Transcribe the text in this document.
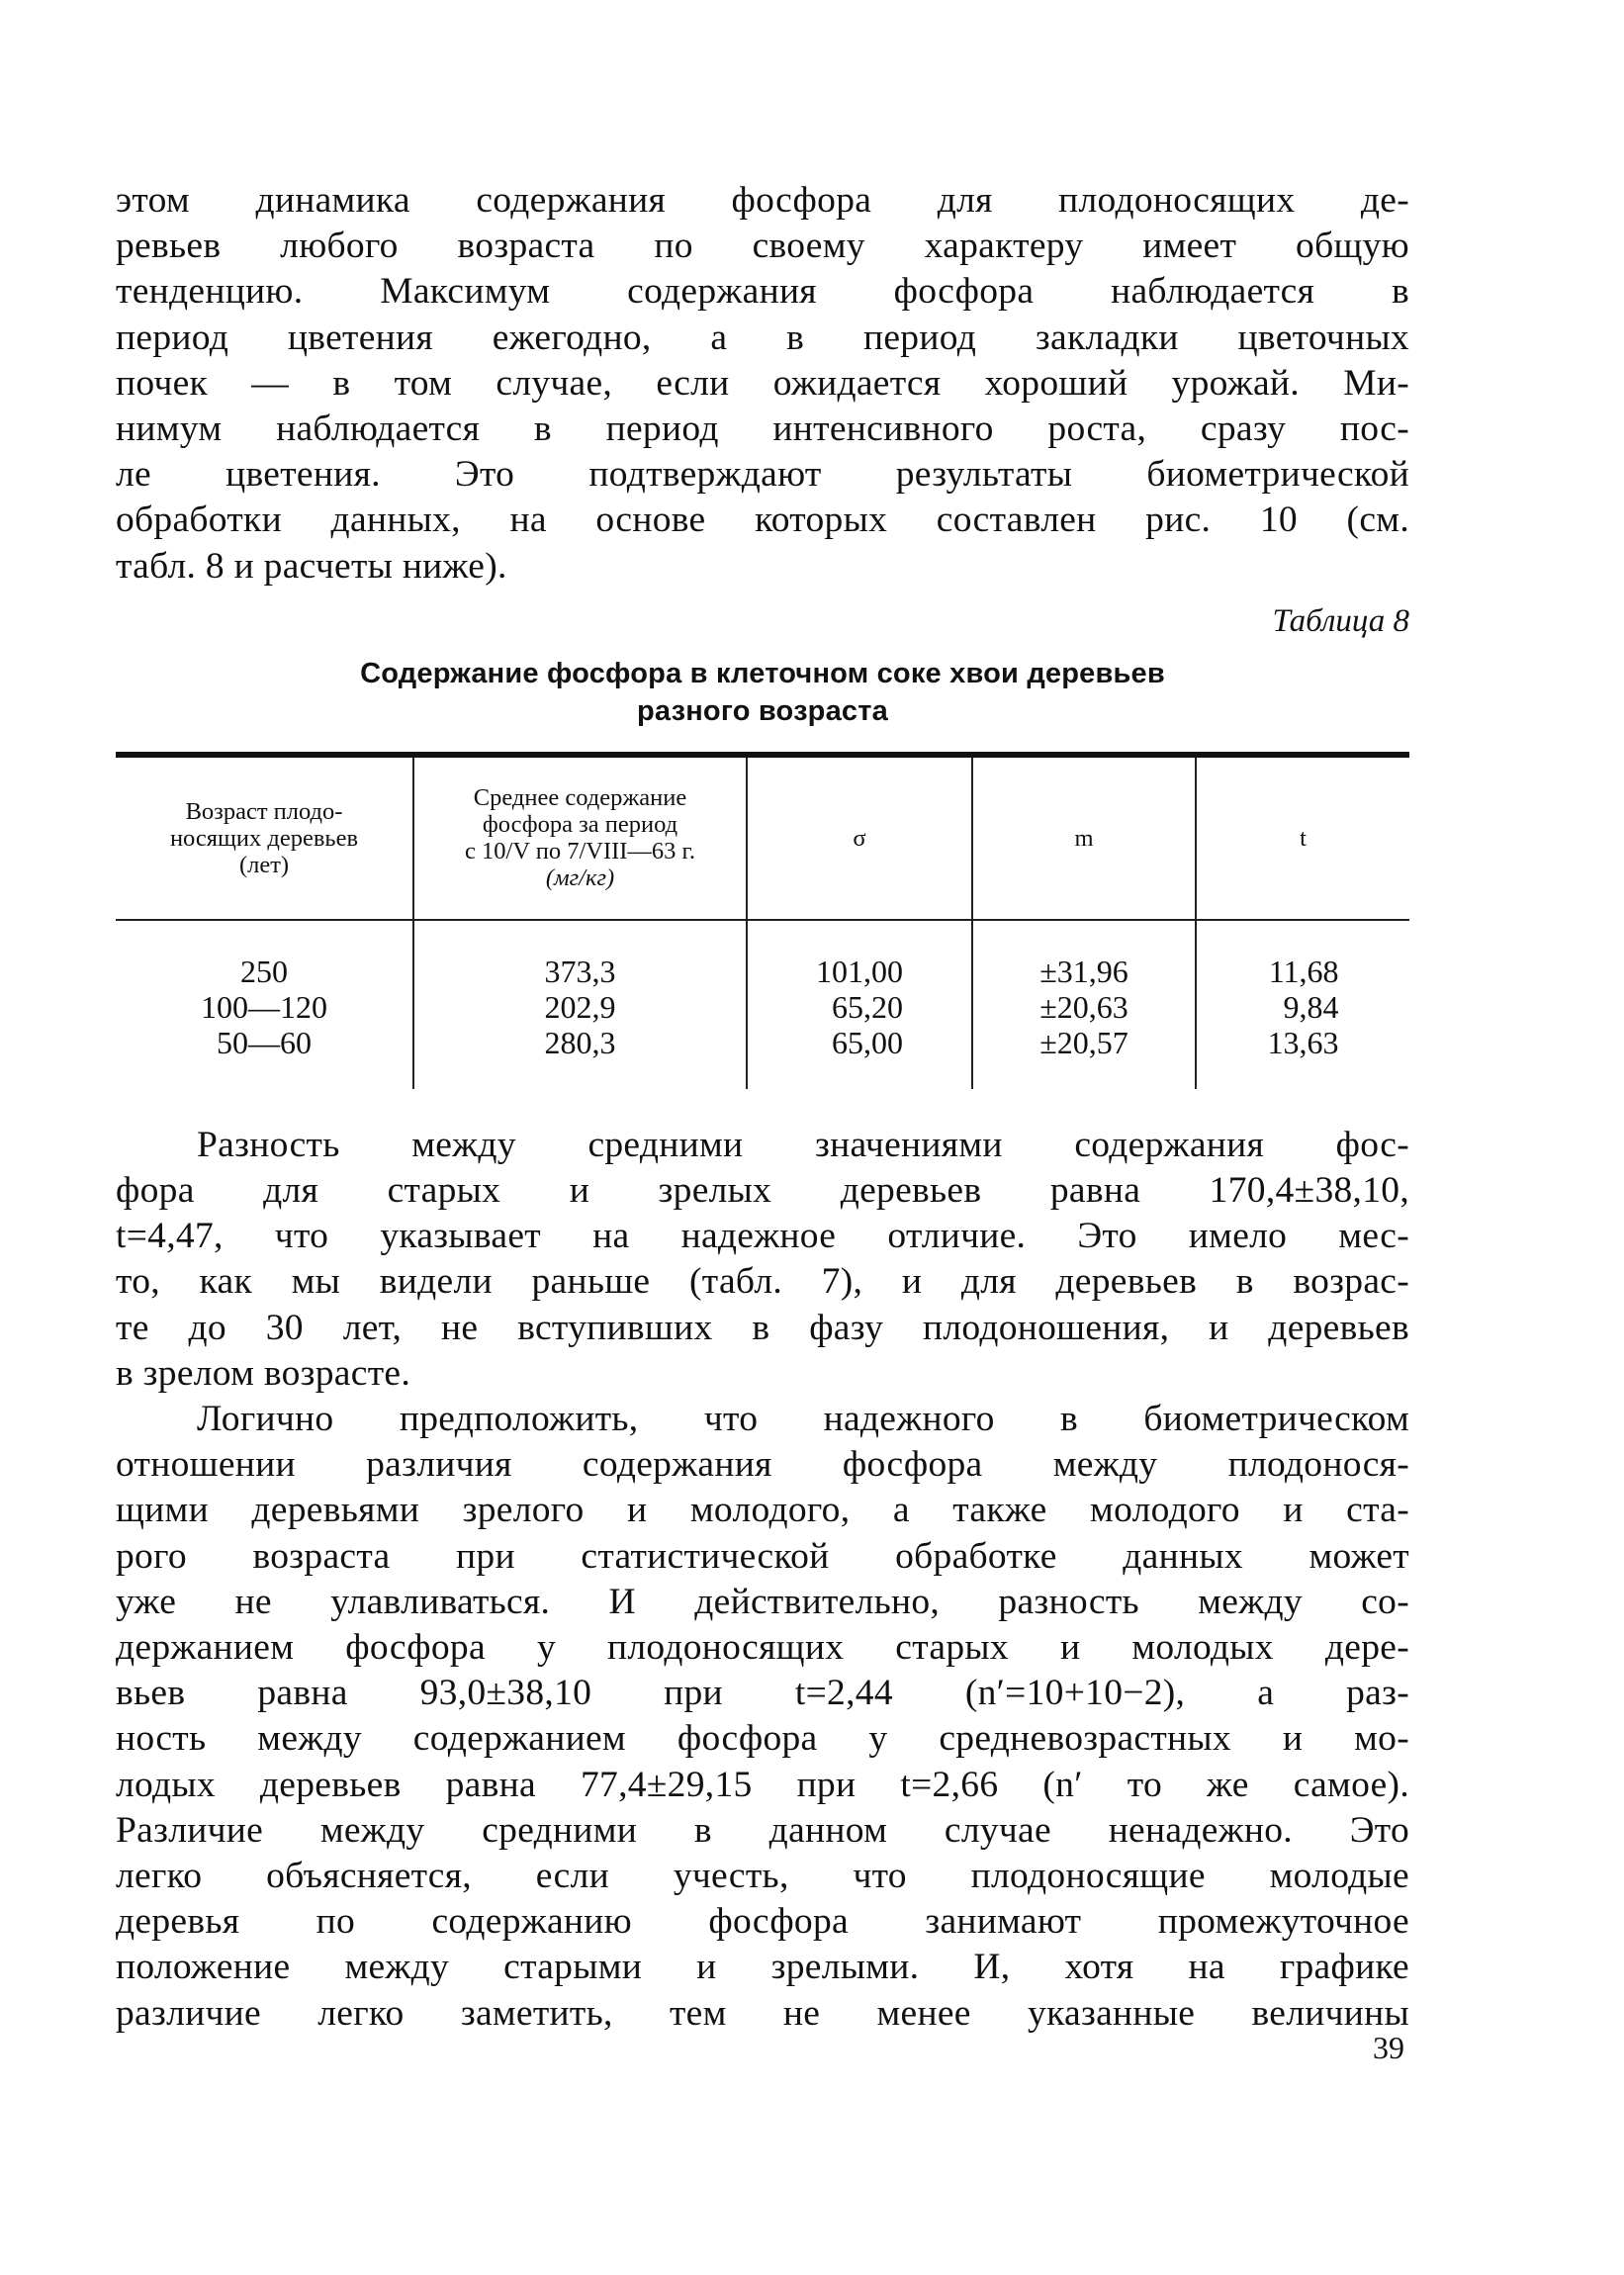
этом динамика содержания фосфора для плодоносящих де-
ревьев любого возраста по своему характеру имеет общую
тенденцию. Максимум содержания фосфора наблюдается в
период цветения ежегодно, а в период закладки цветочных
почек — в том случае, если ожидается хороший урожай. Ми-
нимум наблюдается в период интенсивного роста, сразу пос-
ле цветения. Это подтверждают результаты биометрической
обработки данных, на основе которых составлен рис. 10 (см.
табл. 8 и расчеты ниже).

Таблица 8
Содержание фосфора в клеточном соке хвои деревьев
разного возраста
Возраст плодо-
носящих деревьев
(лет)
Среднее содержание
фосфора за период
с 10/V по 7/VIII—63 г.
(мг/кг)
σ	m	t
250
100—120
50—60
373,3
202,9
280,3
101,00
65,20
65,00
±31,96
±20,63
±20,57
11,68
9,84
13,63

Разность между средними значениями содержания фос-
фора для старых и зрелых деревьев равна 170,4±38,10,
t=4,47, что указывает на надежное отличие. Это имело мес-
то, как мы видели раньше (табл. 7), и для деревьев в возрас-
те до 30 лет, не вступивших в фазу плодоношения, и деревьев
в зрелом возрасте.

Логично предположить, что надежного в биометрическом
отношении различия содержания фосфора между плодонося-
щими деревьями зрелого и молодого, а также молодого и ста-
рого возраста при статистической обработке данных может
уже не улавливаться. И действительно, разность между со-
держанием фосфора у плодоносящих старых и молодых дере-
вьев равна 93,0±38,10 при t=2,44 (n′=10+10−2), а раз-
ность между содержанием фосфора у средневозрастных и мо-
лодых деревьев равна 77,4±29,15 при t=2,66 (n′ то же самое).
Различие между средними в данном случае ненадежно. Это
легко объясняется, если учесть, что плодоносящие молодые
деревья по содержанию фосфора занимают промежуточное
положение между старыми и зрелыми. И, хотя на графике
различие легко заметить, тем не менее указанные величины

39
